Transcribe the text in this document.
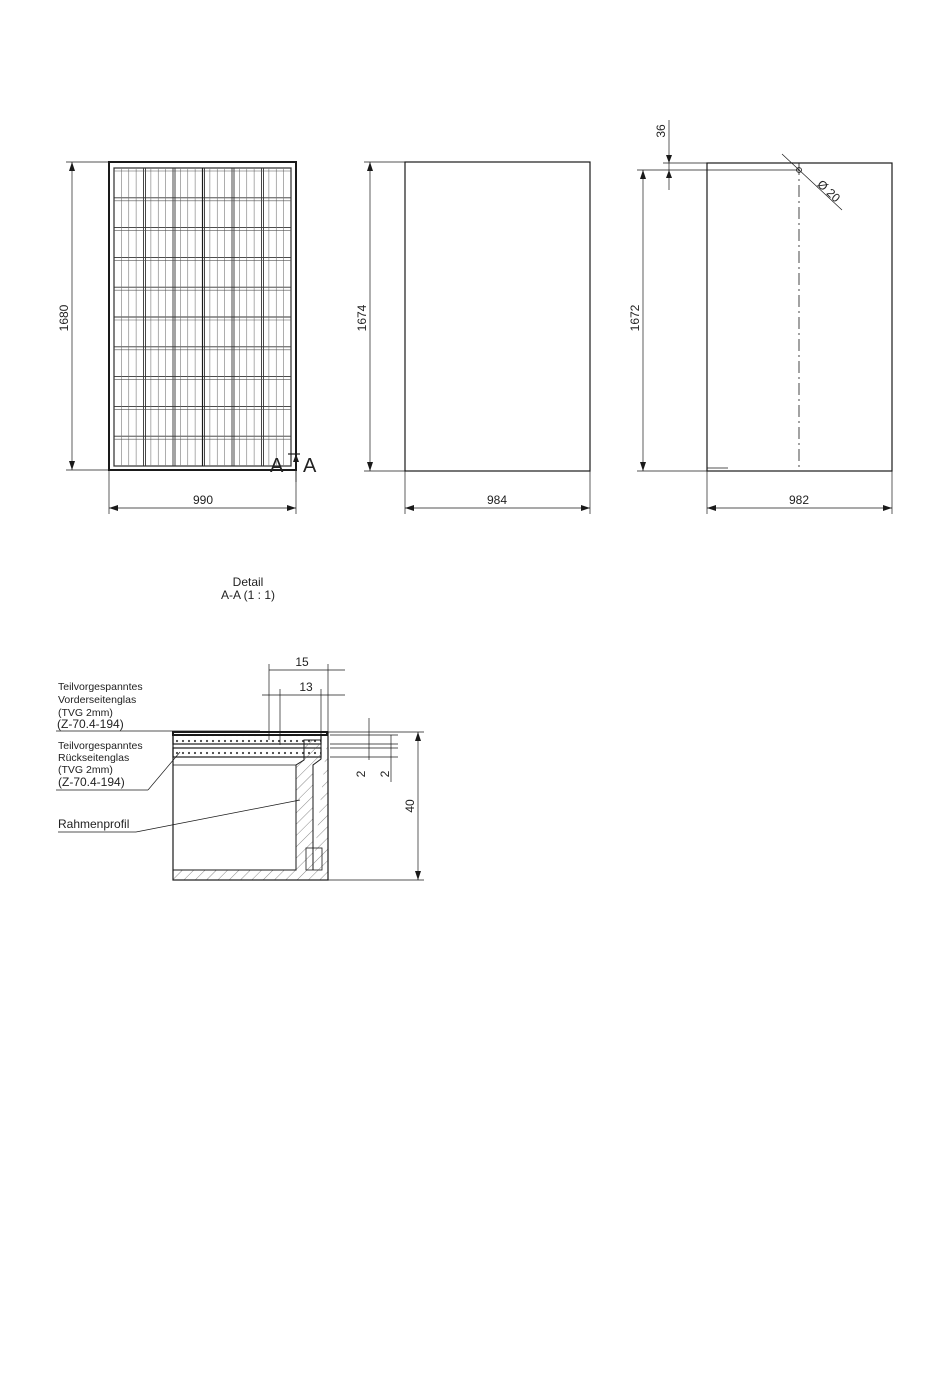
1680
990
A A
1674
984
1672
36
Ø 20
982
Detail
A-A (1 : 1)
15
13
2 2
40
Teilvorgespanntes
Vorderseitenglas
(TVG 2mm)
(Z-70.4-194)
Teilvorgespanntes
Rückseitenglas
(TVG 2mm)
(Z-70.4-194)
Rahmenprofil
